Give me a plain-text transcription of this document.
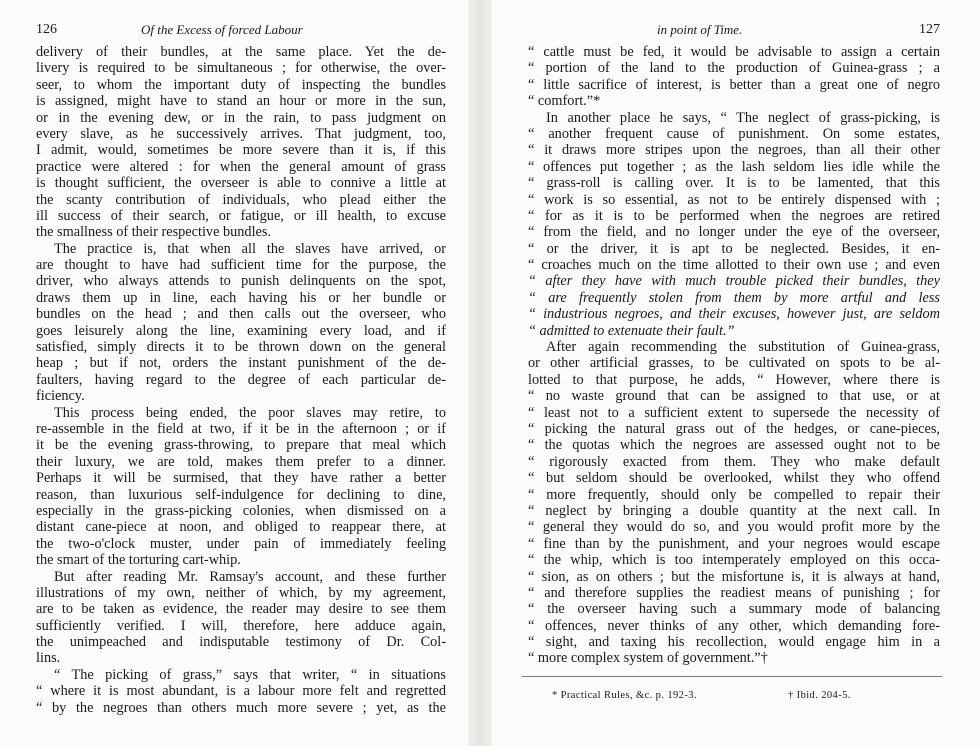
126	Of the Excess of forced Labour
delivery of their bundles, at the same place. Yet the de-
livery is required to be simultaneous ; for otherwise, the over-
seer, to whom the important duty of inspecting the bundles
is assigned, might have to stand an hour or more in the sun,
or in the evening dew, or in the rain, to pass judgment on
every slave, as he successively arrives. That judgment, too,
I admit, would, sometimes be more severe than it is, if this
practice were altered : for when the general amount of grass
is thought sufficient, the overseer is able to connive a little at
the scanty contribution of individuals, who plead either the
ill success of their search, or fatigue, or ill health, to excuse
the smallness of their respective bundles.
The practice is, that when all the slaves have arrived, or
are thought to have had sufficient time for the purpose, the
driver, who always attends to punish delinquents on the spot,
draws them up in line, each having his or her bundle or
bundles on the head ; and then calls out the overseer, who
goes leisurely along the line, examining every load, and if
satisfied, simply directs it to be thrown down on the general
heap ; but if not, orders the instant punishment of the de-
faulters, having regard to the degree of each particular de-
ficiency.
This process being ended, the poor slaves may retire, to
re-assemble in the field at two, if it be in the afternoon ; or if
it be the evening grass-throwing, to prepare that meal which
their luxury, we are told, makes them prefer to a dinner.
Perhaps it will be surmised, that they have rather a better
reason, than luxurious self-indulgence for declining to dine,
especially in the grass-picking colonies, when dismissed on a
distant cane-piece at noon, and obliged to reappear there, at
the two-o'clock muster, under pain of immediately feeling
the smart of the torturing cart-whip.
But after reading Mr. Ramsay's account, and these further
illustrations of my own, neither of which, by my agreement,
are to be taken as evidence, the reader may desire to see them
sufficiently verified. I will, therefore, here adduce again,
the unimpeached and indisputable testimony of Dr. Col-
lins.
“ The picking of grass,” says that writer, “ in situations
“ where it is most abundant, is a labour more felt and regretted
“ by the negroes than others much more severe ; yet, as the
in point of Time.	127
“ cattle must be fed, it would be advisable to assign a certain
“ portion of the land to the production of Guinea-grass ; a
“ little sacrifice of interest, is better than a great one of negro
“ comfort.”*
In another place he says, “ The neglect of grass-picking, is
“ another frequent cause of punishment. On some estates,
“ it draws more stripes upon the negroes, than all their other
“ offences put together ; as the lash seldom lies idle while the
“ grass-roll is calling over. It is to be lamented, that this
“ work is so essential, as not to be entirely dispensed with ;
“ for as it is to be performed when the negroes are retired
“ from the field, and no longer under the eye of the overseer,
“ or the driver, it is apt to be neglected. Besides, it en-
“ croaches much on the time allotted to their own use ; and even
“ after they have with much trouble picked their bundles, they
“ are frequently stolen from them by more artful and less
“ industrious negroes, and their excuses, however just, are seldom
“ admitted to extenuate their fault.”
After again recommending the substitution of Guinea-grass,
or other artificial grasses, to be cultivated on spots to be al-
lotted to that purpose, he adds, “ However, where there is
“ no waste ground that can be assigned to that use, or at
“ least not to a sufficient extent to supersede the necessity of
“ picking the natural grass out of the hedges, or cane-pieces,
“ the quotas which the negroes are assessed ought not to be
“ rigorously exacted from them. They who make default
“ but seldom should be overlooked, whilst they who offend
“ more frequently, should only be compelled to repair their
“ neglect by bringing a double quantity at the next call. In
“ general they would do so, and you would profit more by the
“ fine than by the punishment, and your negroes would escape
“ the whip, which is too intemperately employed on this occa-
“ sion, as on others ; but the misfortune is, it is always at hand,
“ and therefore supplies the readiest means of punishing ; for
“ the overseer having such a summary mode of balancing
“ offences, never thinks of any other, which demanding fore-
“ sight, and taxing his recollection, would engage him in a
“ more complex system of government.”†
* Practical Rules, &c. p. 192-3.	† Ibid. 204-5.
